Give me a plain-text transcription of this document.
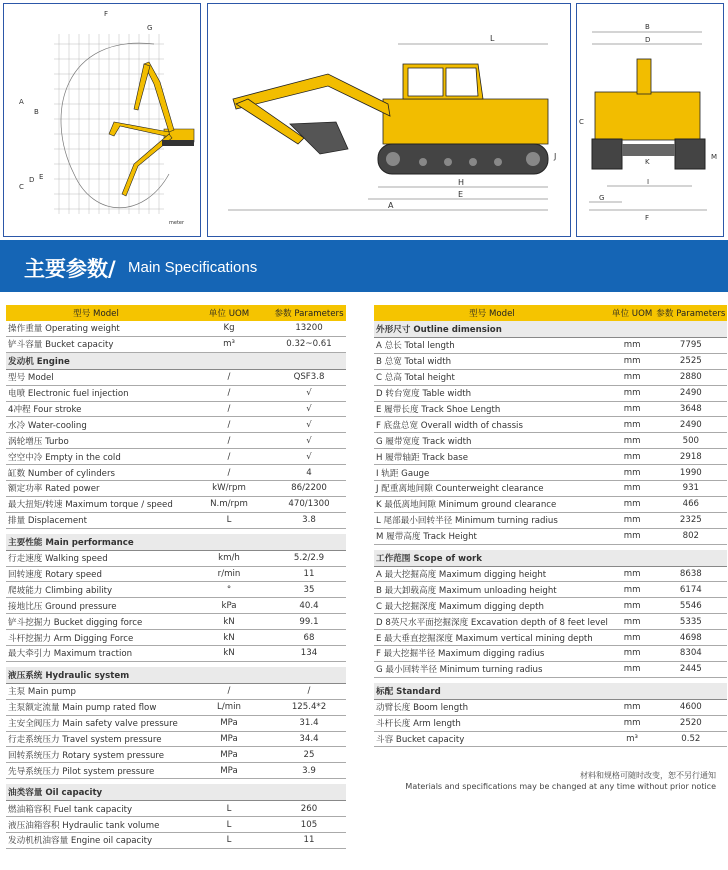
F
G
A
B
C
D E
meter
L
H
E
A
J
B
D
C
K
M
I
G
F
主要参数/ Main Specifications
型号 Model	单位 UOM	参数 Parameters
操作重量 Operating weight	Kg	13200
铲斗容量 Bucket capacity	m³	0.32~0.61
发动机 Engine		
型号 Model	/	QSF3.8
电喷 Electronic fuel injection	/	√
4冲程 Four stroke	/	√
水冷 Water-cooling	/	√
涡轮增压 Turbo	/	√
空空中冷 Empty in the cold	/	√
缸数 Number of cylinders	/	4
额定功率 Rated power	kW/rpm	86/2200
最大扭矩/转速 Maximum torque / speed	N.m/rpm	470/1300
排量 Displacement	L	3.8

主要性能 Main performance		
行走速度 Walking speed	km/h	5.2/2.9
回转速度 Rotary speed	r/min	11
爬坡能力 Climbing ability	°	35
接地比压 Ground pressure	kPa	40.4
铲斗挖掘力 Bucket digging force	kN	99.1
斗杆挖掘力 Arm Digging Force	kN	68
最大牵引力 Maximum traction	kN	134

液压系统 Hydraulic system		
主泵 Main pump	/	/
主泵额定流量 Main pump rated flow	L/min	125.4*2
主安全阀压力 Main safety valve pressure	MPa	31.4
行走系统压力 Travel system pressure	MPa	34.4
回转系统压力 Rotary system pressure	MPa	25
先导系统压力 Pilot system pressure	MPa	3.9

油类容量 Oil capacity		
燃油箱容积 Fuel tank capacity	L	260
液压油箱容积 Hydraulic tank volume	L	105
发动机机油容量 Engine oil capacity	L	11
型号 Model	单位 UOM	参数 Parameters
外形尺寸 Outline dimension		
A 总长 Total length	mm	7795
B 总宽 Total width	mm	2525
C 总高 Total height	mm	2880
D 转台宽度 Table width	mm	2490
E 履带长度 Track Shoe Length	mm	3648
F 底盘总宽 Overall width of chassis	mm	2490
G 履带宽度 Track width	mm	500
H 履带轴距 Track base	mm	2918
I 轨距 Gauge	mm	1990
J 配重离地间隙 Counterweight clearance	mm	931
K 最低离地间隙 Minimum ground clearance	mm	466
L 尾部最小回转半径 Minimum turning radius	mm	2325
M 履带高度 Track Height	mm	802

工作范围 Scope of work		
A 最大挖掘高度 Maximum digging height	mm	8638
B 最大卸载高度 Maximum unloading height	mm	6174
C 最大挖掘深度 Maximum digging depth	mm	5546
D 8英尺水平面挖掘深度 Excavation depth of 8 feet level	mm	5335
E 最大垂直挖掘深度 Maximum vertical mining depth	mm	4698
F 最大挖掘半径 Maximum digging radius	mm	8304
G 最小回转半径 Minimum turning radius	mm	2445

标配 Standard		
动臂长度 Boom length	mm	4600
斗杆长度 Arm length	mm	2520
斗容 Bucket capacity	m³	0.52
材料和规格可随时改变，恕不另行通知
Materials and specifications may be changed at any time without prior notice
